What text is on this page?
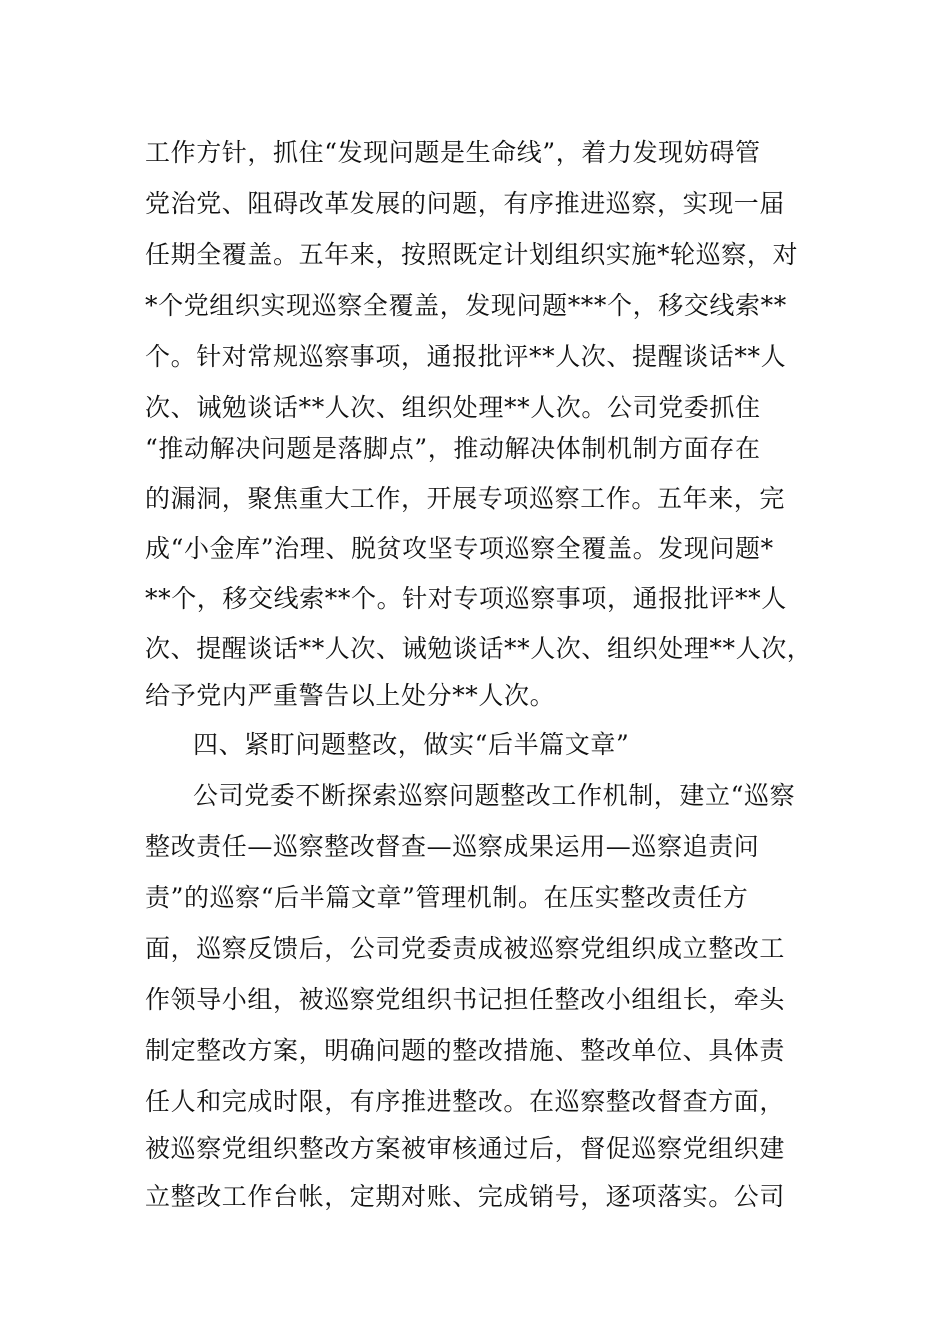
工作方针，抓住“发现问题是生命线”，着力发现妨碍管
党治党、阻碍改革发展的问题，有序推进巡察，实现一届
任期全覆盖。五年来，按照既定计划组织实施*轮巡察，对
*个党组织实现巡察全覆盖，发现问题***个，移交线索**
个。针对常规巡察事项，通报批评**人次、提醒谈话**人
次、诫勉谈话**人次、组织处理**人次。公司党委抓住
“推动解决问题是落脚点”，推动解决体制机制方面存在
的漏洞，聚焦重大工作，开展专项巡察工作。五年来，完
成“小金库”治理、脱贫攻坚专项巡察全覆盖。发现问题*
**个，移交线索**个。针对专项巡察事项，通报批评**人
次、提醒谈话**人次、诫勉谈话**人次、组织处理**人次，
给予党内严重警告以上处分**人次。
四、紧盯问题整改，做实“后半篇文章”
公司党委不断探索巡察问题整改工作机制，建立“巡察
整改责任—巡察整改督查—巡察成果运用—巡察追责问
责”的巡察“后半篇文章”管理机制。在压实整改责任方
面，巡察反馈后，公司党委责成被巡察党组织成立整改工
作领导小组，被巡察党组织书记担任整改小组组长，牵头
制定整改方案，明确问题的整改措施、整改单位、具体责
任人和完成时限，有序推进整改。在巡察整改督查方面，
被巡察党组织整改方案被审核通过后，督促巡察党组织建
立整改工作台帐，定期对账、完成销号，逐项落实。公司
